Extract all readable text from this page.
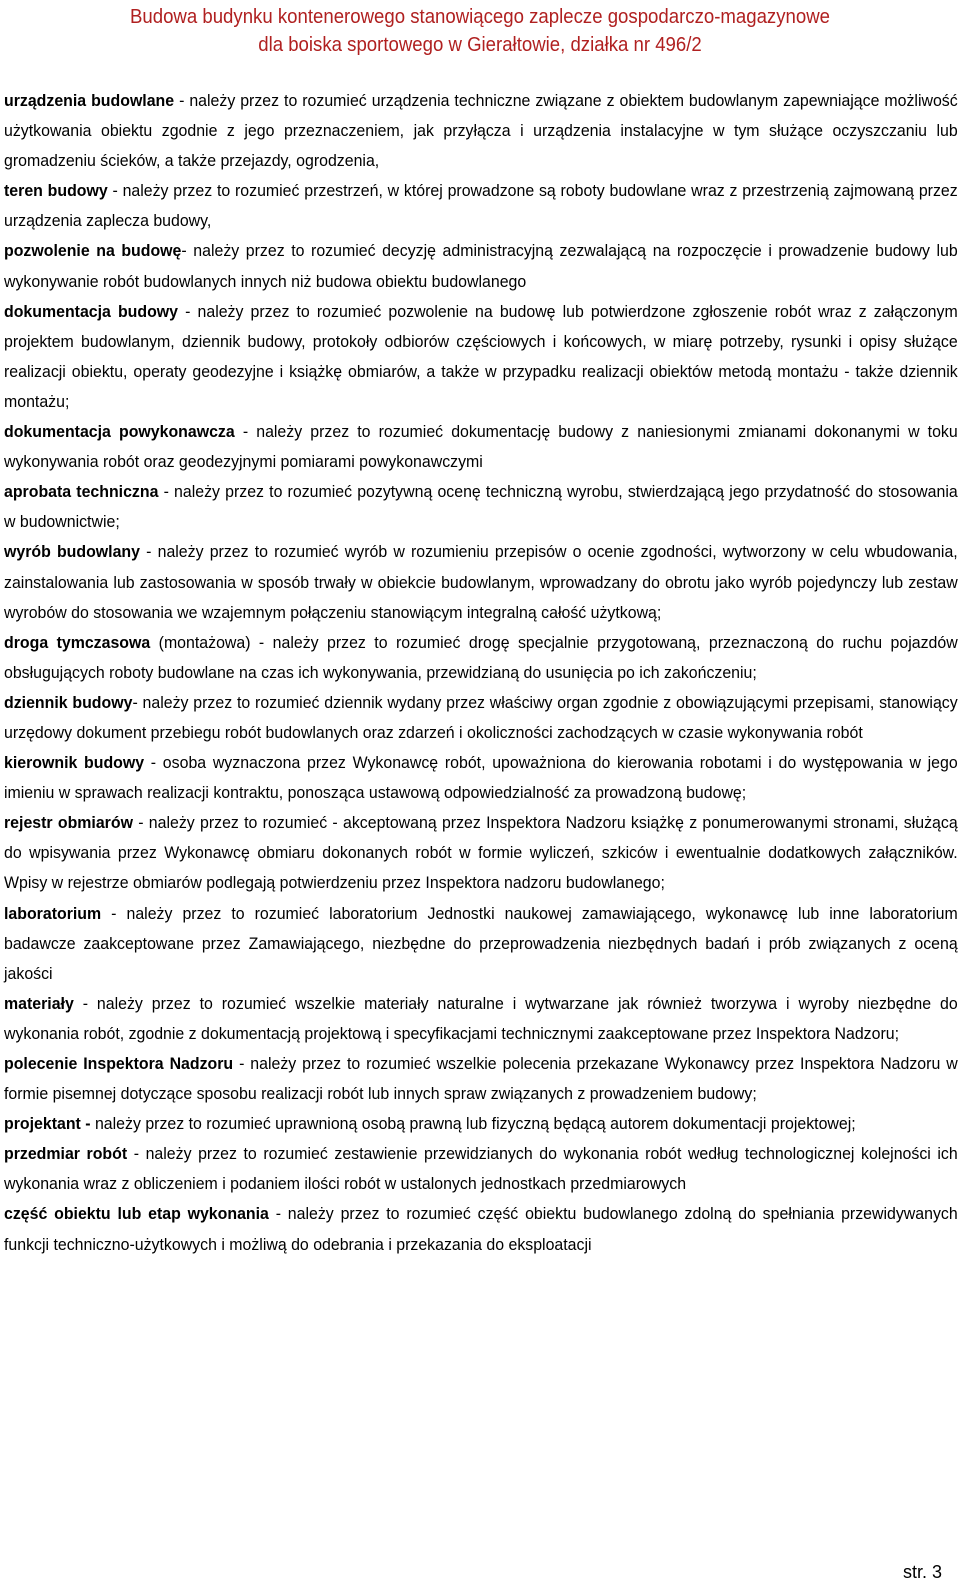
Budowa budynku kontenerowego stanowiącego zaplecze gospodarczo-magazynowe
dla boiska sportowego w Gierałtowie, działka nr 496/2

urządzenia budowlane - należy przez to rozumieć urządzenia techniczne związane z obiektem budowlanym zapewniające możliwość użytkowania obiektu zgodnie z jego przeznaczeniem, jak przyłącza i urządzenia instalacyjne w tym służące oczyszczaniu lub gromadzeniu ścieków, a także przejazdy, ogrodzenia,

teren budowy - należy przez to rozumieć przestrzeń, w której prowadzone są roboty budowlane wraz z przestrzenią zajmowaną przez urządzenia zaplecza budowy,

pozwolenie na budowę- należy przez to rozumieć decyzję administracyjną zezwalającą na rozpoczęcie i prowadzenie budowy lub wykonywanie robót budowlanych innych niż budowa obiektu budowlanego

dokumentacja budowy - należy przez to rozumieć pozwolenie na budowę lub potwierdzone zgłoszenie robót wraz z załączonym projektem budowlanym, dziennik budowy, protokoły odbiorów częściowych i końcowych, w miarę potrzeby, rysunki i opisy służące realizacji obiektu, operaty geodezyjne i książkę obmiarów, a także w przypadku realizacji obiektów metodą montażu - także dziennik montażu;

dokumentacja powykonawcza - należy przez to rozumieć dokumentację budowy z naniesionymi zmianami dokonanymi w toku wykonywania robót oraz geodezyjnymi pomiarami powykonawczymi

aprobata techniczna - należy przez to rozumieć pozytywną ocenę techniczną wyrobu, stwierdzającą jego przydatność do stosowania w budownictwie;

wyrób budowlany - należy przez to rozumieć wyrób w rozumieniu przepisów o ocenie zgodności, wytworzony w celu wbudowania, zainstalowania lub zastosowania w sposób trwały w obiekcie budowlanym, wprowadzany do obrotu jako wyrób pojedynczy lub zestaw wyrobów do stosowania we wzajemnym połączeniu stanowiącym integralną całość użytkową;

droga tymczasowa (montażowa) - należy przez to rozumieć drogę specjalnie przygotowaną, przeznaczoną do ruchu pojazdów obsługujących roboty budowlane na czas ich wykonywania, przewidzianą do usunięcia po ich zakończeniu;

dziennik budowy- należy przez to rozumieć dziennik wydany przez właściwy organ zgodnie z obowiązującymi przepisami, stanowiący urzędowy dokument przebiegu robót budowlanych oraz zdarzeń i okoliczności zachodzących w czasie wykonywania robót

kierownik budowy - osoba wyznaczona przez Wykonawcę robót, upoważniona do kierowania robotami i do występowania w jego imieniu w sprawach realizacji kontraktu, ponosząca ustawową odpowiedzialność za prowadzoną budowę;

rejestr obmiarów - należy przez to rozumieć - akceptowaną przez Inspektora Nadzoru książkę z ponumerowanymi stronami, służącą do wpisywania przez Wykonawcę obmiaru dokonanych robót w formie wyliczeń, szkiców i ewentualnie dodatkowych załączników. Wpisy w rejestrze obmiarów podlegają potwierdzeniu przez Inspektora nadzoru budowlanego;

laboratorium - należy przez to rozumieć laboratorium Jednostki naukowej zamawiającego, wykonawcę lub inne laboratorium badawcze zaakceptowane przez Zamawiającego, niezbędne do przeprowadzenia niezbędnych badań i prób związanych z oceną jakości

materiały - należy przez to rozumieć wszelkie materiały naturalne i wytwarzane jak również tworzywa i wyroby niezbędne do wykonania robót, zgodnie z dokumentacją projektową i specyfikacjami technicznymi zaakceptowane przez Inspektora Nadzoru;

polecenie Inspektora Nadzoru - należy przez to rozumieć wszelkie polecenia przekazane Wykonawcy przez Inspektora Nadzoru w formie pisemnej dotyczące sposobu realizacji robót lub innych spraw związanych z prowadzeniem budowy;

projektant - należy przez to rozumieć uprawnioną osobą prawną lub fizyczną będącą autorem dokumentacji projektowej;

przedmiar robót - należy przez to rozumieć zestawienie przewidzianych do wykonania robót według technologicznej kolejności ich wykonania wraz z obliczeniem i podaniem ilości robót w ustalonych jednostkach przedmiarowych

część obiektu lub etap wykonania - należy przez to rozumieć część obiektu budowlanego zdolną do spełniania przewidywanych funkcji techniczno-użytkowych i możliwą do odebrania i przekazania do eksploatacji

str. 3
